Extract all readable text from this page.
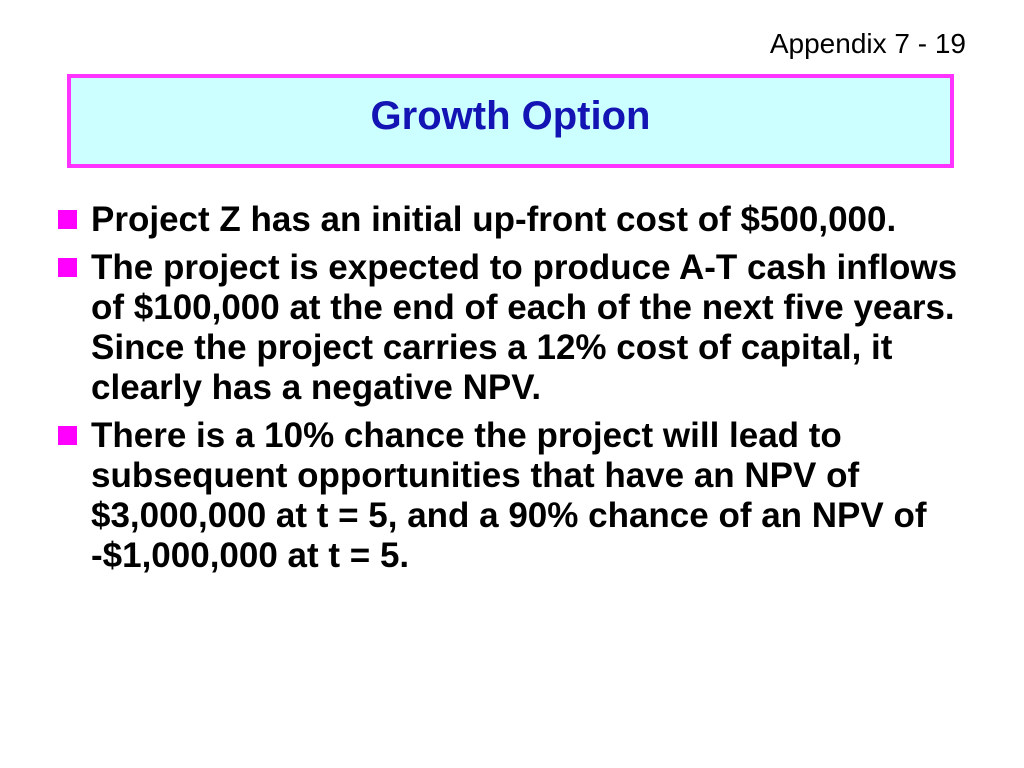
Appendix 7 - 19
Growth Option
Project Z has an initial up-front cost of $500,000.
The project is expected to produce A-T cash inflows of $100,000 at the end of each of the next five years. Since the project carries a 12% cost of capital, it clearly has a negative NPV.
There is a 10% chance the project will lead to subsequent opportunities that have an NPV of $3,000,000 at t = 5, and a 90% chance of an NPV of -$1,000,000 at t = 5.
